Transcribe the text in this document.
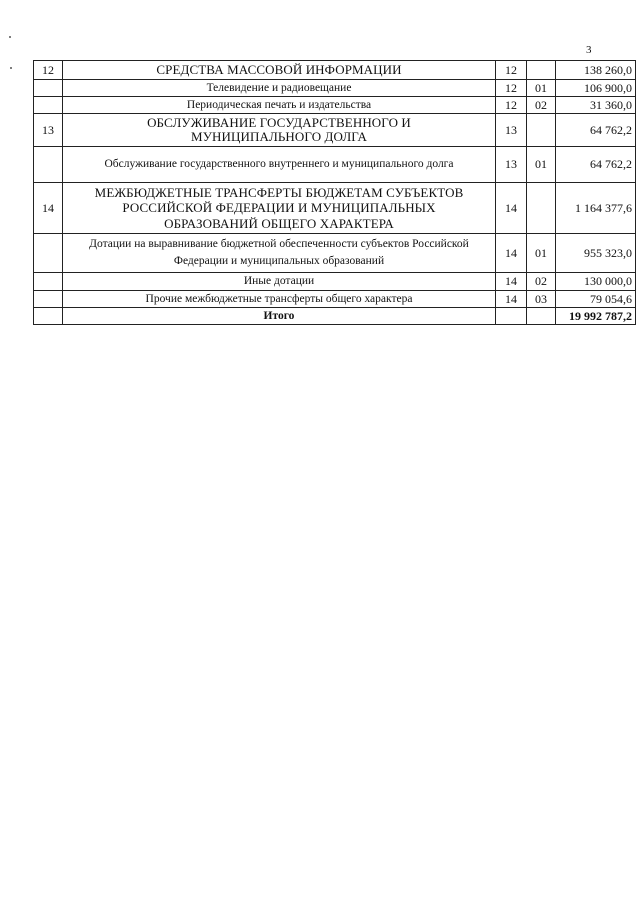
3
12	СРЕДСТВА МАССОВОЙ ИНФОРМАЦИИ	12		138 260,0
	Телевидение и радиовещание	12	01	106 900,0
	Периодическая печать и издательства	12	02	31 360,0
13	ОБСЛУЖИВАНИЕ ГОСУДАРСТВЕННОГО И МУНИЦИПАЛЬНОГО ДОЛГА	13		64 762,2
	Обслуживание государственного внутреннего и муниципального долга	13	01	64 762,2
14	МЕЖБЮДЖЕТНЫЕ ТРАНСФЕРТЫ БЮДЖЕТАМ СУБЪЕКТОВ РОССИЙСКОЙ ФЕДЕРАЦИИ И МУНИЦИПАЛЬНЫХ ОБРАЗОВАНИЙ ОБЩЕГО ХАРАКТЕРА	14		1 164 377,6
	Дотации на выравнивание бюджетной обеспеченности субъектов Российской Федерации и муниципальных образований	14	01	955 323,0
	Иные дотации	14	02	130 000,0
	Прочие межбюджетные трансферты общего характера	14	03	79 054,6
	Итого			19 992 787,2
